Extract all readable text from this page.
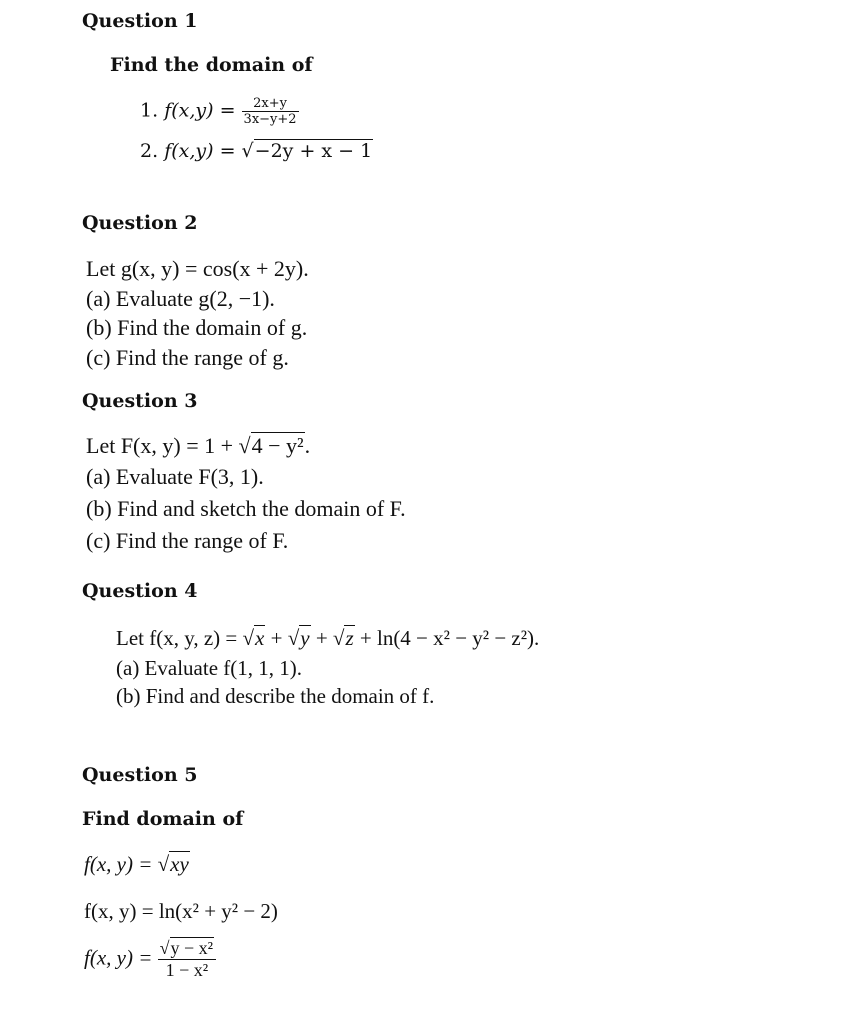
Question 1
Find the domain of
1. $f(x,y) = \frac{2x+y}{3x-y+2}$
2. f(x,y) = √−2y + x − 1
Question 2
Let g(x, y) = cos(x + 2y).
(a) Evaluate g(2, −1).
(b) Find the domain of g.
(c) Find the range of g.
Question 3
Let F(x, y) = 1 + √4 − y².
(a) Evaluate F(3, 1).
(b) Find and sketch the domain of F.
(c) Find the range of F.
Question 4
Let f(x, y, z) = √x + √y + √z + ln(4 − x² − y² − z²).
(a) Evaluate f(1, 1, 1).
(b) Find and describe the domain of f.
Question 5
Find domain of
f(x, y) = √xy
f(x, y) = ln(x² + y² − 2)
f(x, $y) = \frac{\text{√y − x²}}{\text{1 − x²}}$
